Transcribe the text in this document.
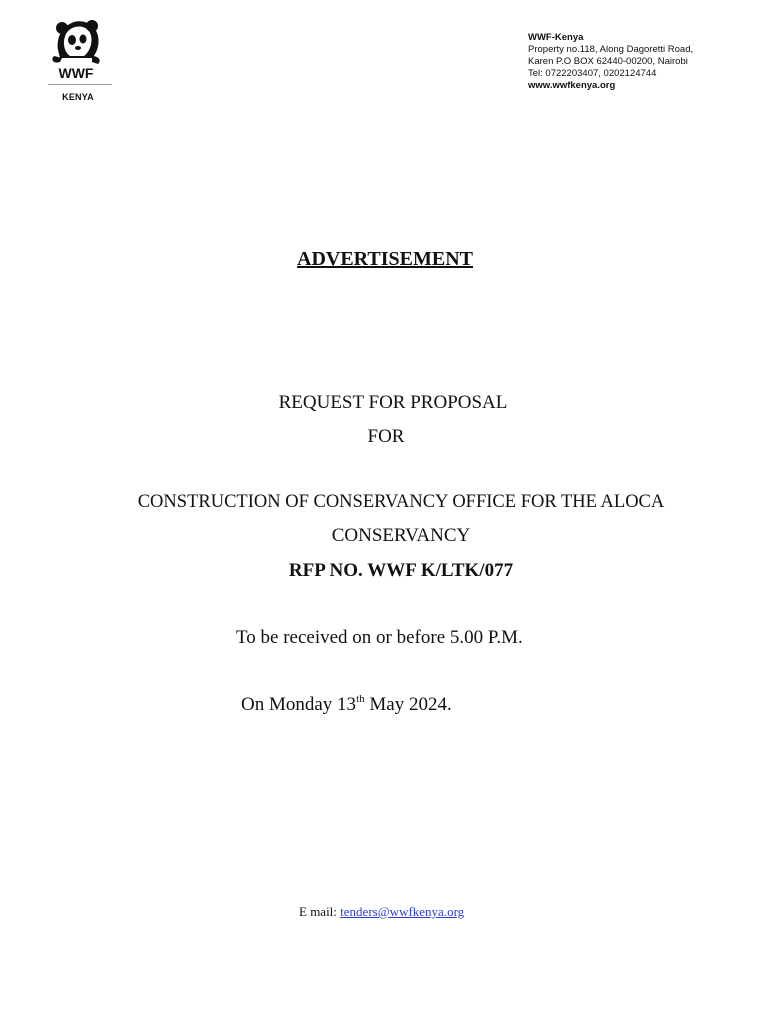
WWF
KENYA
WWF-Kenya
Property no.118, Along Dagoretti Road,
Karen P.O BOX 62440-00200, Nairobi
Tel: 0722203407, 0202124744
www.wwfkenya.org
ADVERTISEMENT
REQUEST FOR PROPOSAL
FOR
CONSTRUCTION OF CONSERVANCY OFFICE FOR THE ALOCA
CONSERVANCY
RFP NO. WWF K/LTK/077
To be received on or before 5.00 P.M.
On Monday 13th May 2024.
E mail: tenders@wwfkenya.org
